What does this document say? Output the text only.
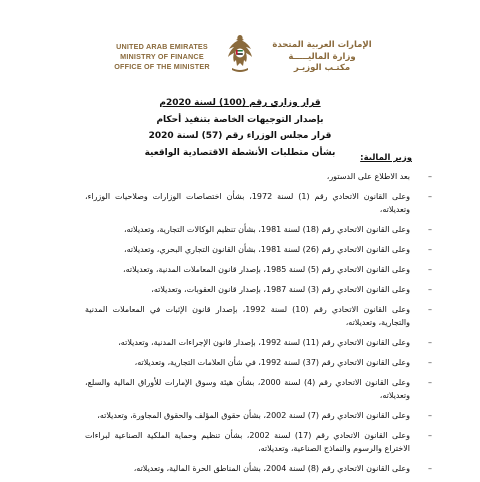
UNITED ARAB EMIRATES
MINISTRY OF FINANCE
OFFICE OF THE MINISTER
الإمارات العربية المتحدة
وزارة الماليـــــة
مكتـب الوزيـر
قرار وزاري رقم (100) لسنة 2020م
بإصدار التوجيهات الخاصة بتنفيذ أحكام
قرار مجلس الوزراء رقم (57) لسنة 2020
بشأن متطلبات الأنشطة الاقتصادية الواقعية
وزير المالية:
–
بعد الاطلاع على الدستور،
–
وعلى القانون الاتحادي رقم (1) لسنة 1972، بشأن اختصاصات الوزارات وصلاحيات الوزراء، وتعديلاته،
–
وعلى القانون الاتحادي رقم (18) لسنة 1981، بشأن تنظيم الوكالات التجارية، وتعديلاته،
–
وعلى القانون الاتحادي رقم (26) لسنة 1981، بشأن القانون التجاري البحري، وتعديلاته،
–
وعلى القانون الاتحادي رقم (5) لسنة 1985، بإصدار قانون المعاملات المدنية، وتعديلاته،
–
وعلى القانون الاتحادي رقم (3) لسنة 1987، بإصدار قانون العقوبات، وتعديلاته،
–
وعلى القانون الاتحادي رقم (10) لسنة 1992، بإصدار قانون الإثبات في المعاملات المدنية والتجارية، وتعديلاته،
–
وعلى القانون الاتحادي رقم (11) لسنة 1992، بإصدار قانون الإجراءات المدنية، وتعديلاته،
–
وعلى القانون الاتحادي رقم (37) لسنة 1992، في شأن العلامات التجارية، وتعديلاته،
–
وعلى القانون الاتحادي رقم (4) لسنة 2000، بشأن هيئة وسوق الإمارات للأوراق المالية والسلع، وتعديلاته،
–
وعلى القانون الاتحادي رقم (7) لسنة 2002، بشأن حقوق المؤلف والحقوق المجاورة، وتعديلاته،
–
وعلى القانون الاتحادي رقم (17) لسنة 2002، بشأن تنظيم وحماية الملكية الصناعية لبراءات الاختراع والرسوم والنماذج الصناعية، وتعديلاته،
–
وعلى القانون الاتحادي رقم (8) لسنة 2004، بشأن المناطق الحرة المالية، وتعديلاته،
